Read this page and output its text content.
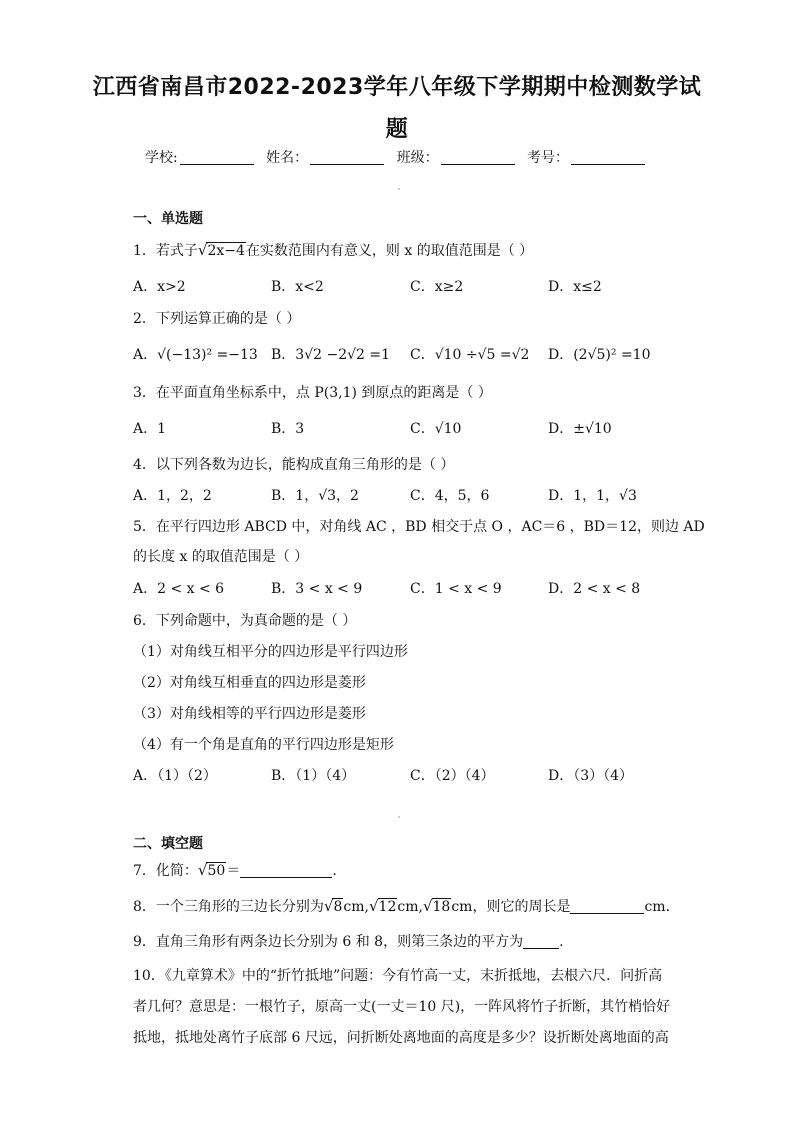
江西省南昌市2022-2023学年八年级下学期期中检测数学试
题
学校:	姓名：	班级：	考号：
一、单选题
1．若式子√2x−4在实数范围内有意义，则 x 的取值范围是（ ）
A．x>2	B．x<2	C．x≥2	D．x≤2
2．下列运算正确的是（ ）
A．√(−13)² =−13 B．3√2 −2√2 =1 C．√10 ÷√5 =√2 D．(2√5)² =10
3．在平面直角坐标系中，点 P(3,1) 到原点的距离是（ ）
A．1	B．3	C．√10	D．±√10
4．以下列各数为边长，能构成直角三角形的是（ ）
A．1，2，2	B．1，√3，2	C．4，5，6	D．1，1，√3
5．在平行四边形 ABCD 中，对角线 AC ，BD 相交于点 O ，AC＝6 ，BD＝12，则边 AD
的长度 x 的取值范围是（ ）
A．2 < x < 6	B．3 < x < 9	C．1 < x < 9	D．2 < x < 8
6．下列命题中，为真命题的是（ ）
（1）对角线互相平分的四边形是平行四边形
（2）对角线互相垂直的四边形是菱形
（3）对角线相等的平行四边形是菱形
（4）有一个角是直角的平行四边形是矩形
A．（1）（2）	B．（1）（4）	C．（2）（4）	D．（3）（4）
二、填空题
7．化简：√50＝	.
8．一个三角形的三边长分别为√8cm,√12cm,√18cm，则它的周长是	cm.
9．直角三角形有两条边长分别为 6 和 8，则第三条边的平方为	.
10．《九章算术》中的“折竹抵地”问题：今有竹高一丈，末折抵地，去根六尺．问折高
者几何？意思是：一根竹子，原高一丈(一丈＝10 尺)，一阵风将竹子折断，其竹梢恰好
抵地，抵地处离竹子底部 6 尺远，问折断处离地面的高度是多少？设折断处离地面的高
